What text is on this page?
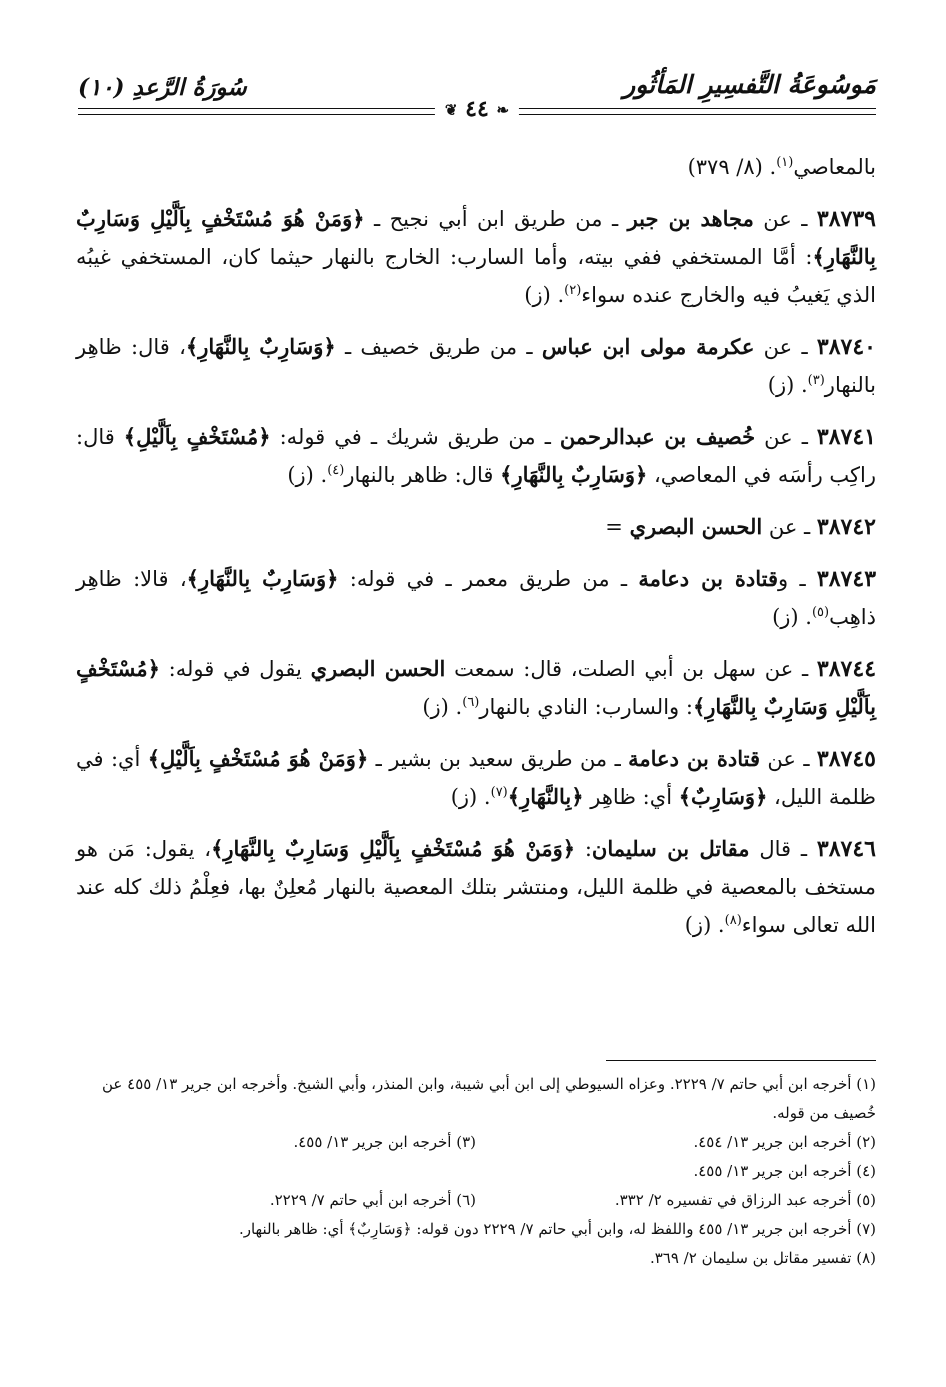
مَوسُوعَةُ التَّفسِيرِ المَأثُور
سُورَةُ الرَّعدِ (١٠)
❦ ٤٤ ❧

بالمعاصي$^{(١)}$. (٨/ ٣٧٩)

٣٨٧٣٩ ـ عن مجاهد بن جبر ـ من طريق ابن أبي نجيح ـ ﴿وَمَنْ هُوَ مُسْتَخْفٍ بِاَلَّيْلِ وَسَارِبٌ بِالنَّهَارِ﴾: أمَّا المستخفي ففي بيته، وأما السارب: الخارج بالنهار حيثما كان، المستخفي غيبُه الذي يَغيبُ فيه والخارج عنده سواء$^{(٢)}$. (ز)

٣٨٧٤٠ ـ عن عكرمة مولى ابن عباس ـ من طريق خصيف ـ ﴿وَسَارِبٌ بِالنَّهَارِ﴾، قال: ظاهِر بالنهار$^{(٣)}$. (ز)

٣٨٧٤١ ـ عن خُصيف بن عبدالرحمن ـ من طريق شريك ـ في قوله: ﴿مُسْتَخْفٍ بِاَلَّيْلِ﴾ قال: راكِب رأسَه في المعاصي، ﴿وَسَارِبٌ بِالنَّهَارِ﴾ قال: ظاهر بالنهار$^{(٤)}$. (ز)

٣٨٧٤٢ ـ عن الحسن البصري =

٣٨٧٤٣ ـ وقتادة بن دعامة ـ من طريق معمر ـ في قوله: ﴿وَسَارِبٌ بِالنَّهَارِ﴾، قالا: ظاهِر ذاهِب$^{(٥)}$. (ز)

٣٨٧٤٤ ـ عن سهل بن أبي الصلت، قال: سمعت الحسن البصري يقول في قوله: ﴿مُسْتَخْفٍ بِاَلَّيْلِ وَسَارِبٌ بِالنَّهَارِ﴾: والسارب: النادي بالنهار$^{(٦)}$. (ز)

٣٨٧٤٥ ـ عن قتادة بن دعامة ـ من طريق سعيد بن بشير ـ ﴿وَمَنْ هُوَ مُسْتَخْفٍ بِاَلَّيْلِ﴾ أي: في ظلمة الليل، ﴿وَسَارِبٌ﴾ أي: ظاهِر ﴿بِالنَّهَارِ﴾$^{(٧)}$. (ز)

٣٨٧٤٦ ـ قال مقاتل بن سليمان: ﴿وَمَنْ هُوَ مُسْتَخْفٍ بِاَلَّيْلِ وَسَارِبٌ بِالنَّهَارِ﴾، يقول: مَن هو مستخف بالمعصية في ظلمة الليل، ومنتشر بتلك المعصية بالنهار مُعلِنٌ بها، فعِلْمُ ذلك كله عند الله تعالى سواء$^{(٨)}$. (ز)

(١) أخرجه ابن أبي حاتم ٧/ ٢٢٢٩. وعزاه السيوطي إلى ابن أبي شيبة، وابن المنذر، وأبي الشيخ. وأخرجه ابن جرير ١٣/ ٤٥٥ عن خُصيف من قوله.

(٢) أخرجه ابن جرير ١٣/ ٤٥٤.

(٣) أخرجه ابن جرير ١٣/ ٤٥٥.

(٤) أخرجه ابن جرير ١٣/ ٤٥٥.

(٥) أخرجه عبد الرزاق في تفسيره ٢/ ٣٣٢.

(٦) أخرجه ابن أبي حاتم ٧/ ٢٢٢٩.

(٧) أخرجه ابن جرير ١٣/ ٤٥٥ واللفظ له، وابن أبي حاتم ٧/ ٢٢٢٩ دون قوله: ﴿وَسَارِبٌ﴾ أي: ظاهر بالنهار.

(٨) تفسير مقاتل بن سليمان ٢/ ٣٦٩.
